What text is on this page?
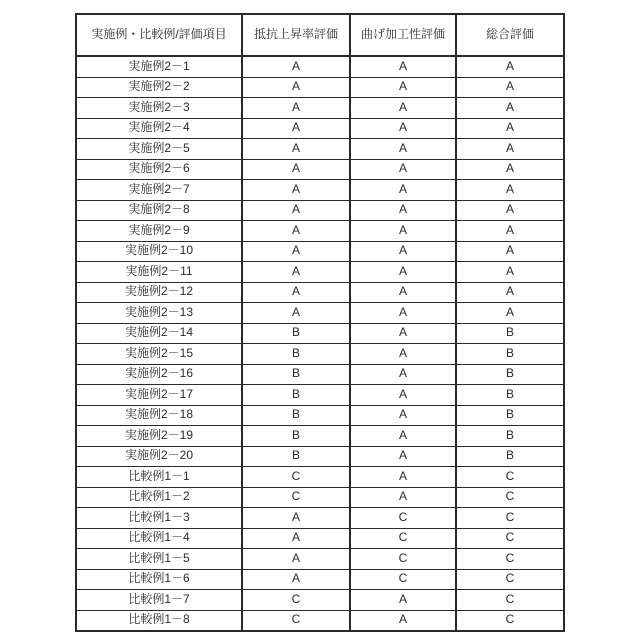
実施例・比較例/評価項目	抵抗上昇率評価	曲げ加工性評価	総合評価
実施例2－1	A	A	A
実施例2－2	A	A	A
実施例2－3	A	A	A
実施例2－4	A	A	A
実施例2－5	A	A	A
実施例2－6	A	A	A
実施例2－7	A	A	A
実施例2－8	A	A	A
実施例2－9	A	A	A
実施例2－10	A	A	A
実施例2－11	A	A	A
実施例2－12	A	A	A
実施例2－13	A	A	A
実施例2－14	B	A	B
実施例2－15	B	A	B
実施例2－16	B	A	B
実施例2－17	B	A	B
実施例2－18	B	A	B
実施例2－19	B	A	B
実施例2－20	B	A	B
比較例1－1	C	A	C
比較例1－2	C	A	C
比較例1－3	A	C	C
比較例1－4	A	C	C
比較例1－5	A	C	C
比較例1－6	A	C	C
比較例1－7	C	A	C
比較例1－8	C	A	C
